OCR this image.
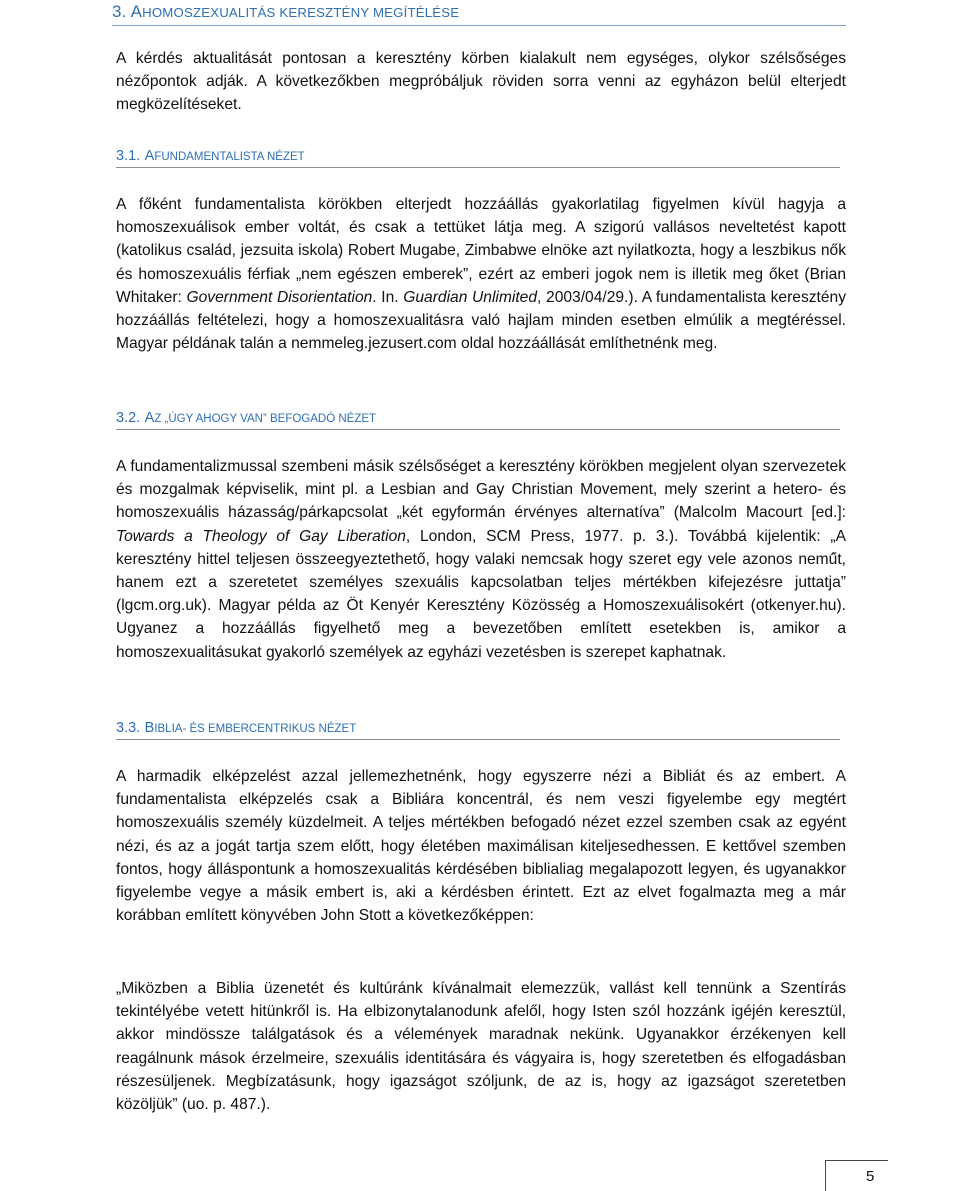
3. AHOMOSZEXUALITÁS KERESZTÉNY MEGÍTÉLÉSE
A kérdés aktualitását pontosan a keresztény körben kialakult nem egységes, olykor szélsőséges nézőpontok adják. A következőkben megpróbáljuk röviden sorra venni az egyházon belül elterjedt megközelítéseket.
3.1. AFUNDAMENTALISTA NÉZET
A főként fundamentalista körökben elterjedt hozzáállás gyakorlatilag figyelmen kívül hagyja a homoszexuálisok ember voltát, és csak a tettüket látja meg. A szigorú vallásos neveltetést kapott (katolikus család, jezsuita iskola) Robert Mugabe, Zimbabwe elnöke azt nyilatkozta, hogy a leszbikus nők és homoszexuális férfiak „nem egészen emberek”, ezért az emberi jogok nem is illetik meg őket (Brian Whitaker: Government Disorientation. In. Guardian Unlimited, 2003/04/29.). A fundamentalista keresztény hozzáállás feltételezi, hogy a homoszexualitásra való hajlam minden esetben elmúlik a megtéréssel. Magyar példának talán a nemmeleg.jezusert.com oldal hozzáállását említhetnénk meg.
3.2. AZ „ÚGY AHOGY VAN” BEFOGADÓ NÉZET
A fundamentalizmussal szembeni másik szélsőséget a keresztény körökben megjelent olyan szervezetek és mozgalmak képviselik, mint pl. a Lesbian and Gay Christian Movement, mely szerint a hetero- és homoszexuális házasság/párkapcsolat „két egyformán érvényes alternatíva” (Malcolm Macourt [ed.]: Towards a Theology of Gay Liberation, London, SCM Press, 1977. p. 3.). Továbbá kijelentik: „A keresztény hittel teljesen összeegyeztethető, hogy valaki nemcsak hogy szeret egy vele azonos nemű́t, hanem ezt a szeretetet személyes szexuális kapcsolatban teljes mértékben kifejezésre juttatja” (lgcm.org.uk). Magyar példa az Öt Kenyér Keresztény Közösség a Homoszexuálisokért (otkenyer.hu). Ugyanez a hozzáállás figyelhető meg a bevezetőben említett esetekben is, amikor a homoszexualitásukat gyakorló személyek az egyházi vezetésben is szerepet kaphatnak.
3.3. BIBLIA- ÉS EMBERCENTRIKUS NÉZET
A harmadik elképzelést azzal jellemezhetnénk, hogy egyszerre nézi a Bibliát és az embert. A fundamentalista elképzelés csak a Bibliára koncentrál, és nem veszi figyelembe egy megtért homoszexuális személy küzdelmeit. A teljes mértékben befogadó nézet ezzel szemben csak az egyént nézi, és az a jogát tartja szem előtt, hogy életében maximálisan kiteljesedhessen. E kettővel szemben fontos, hogy álláspontunk a homoszexualitás kérdésében biblialiag megalapozott legyen, és ugyanakkor figyelembe vegye a másik embert is, aki a kérdésben érintett. Ezt az elvet fogalmazta meg a már korábban említett könyvében John Stott a következőképpen:
„Miközben a Biblia üzenetét és kultúránk kívánalmait elemezzük, vallást kell tennünk a Szentírás tekintélyébe vetett hitünkről is. Ha elbizonytalanodunk afelől, hogy Isten szól hozzánk igéjén keresztül, akkor mindössze találgatások és a vélemények maradnak nekünk. Ugyanakkor érzékenyen kell reagálnunk mások érzelmeire, szexuális identitására és vágyaira is, hogy szeretetben és elfogadásban részesüljenek. Megbízatásunk, hogy igazságot szóljunk, de az is, hogy az igazságot szeretetben közöljük” (uo. p. 487.).
5
